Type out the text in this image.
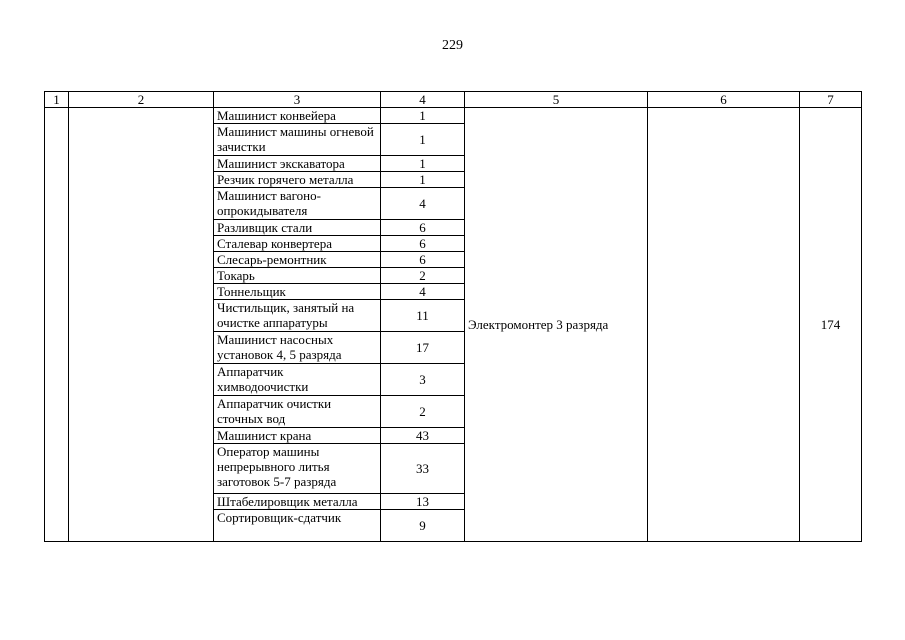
229
1	2	3	4	5	6	7
		Машинист конвейера	1	Электромонтер 3 разряда		174
		Машинист машины огневой зачистки	1			
		Машинист экскаватора	1			
		Резчик горячего металла	1			
		Машинист вагоно-опрокидывателя	4			
		Разливщик стали	6			
		Сталевар конвертера	6			
		Слесарь-ремонтник	6			
		Токарь	2			
		Тоннельщик	4			
		Чистильщик, занятый на очистке аппаратуры	11			
		Машинист насосных установок 4, 5 разряда	17			
		Аппаратчик химводоочистки	3			
		Аппаратчик очистки сточных вод	2			
		Машинист крана	43			
		Оператор машины непрерывного литья заготовок 5-7 разряда	33			
		Штабелировщик металла	13			
		Сортировщик-сдатчик	9			
